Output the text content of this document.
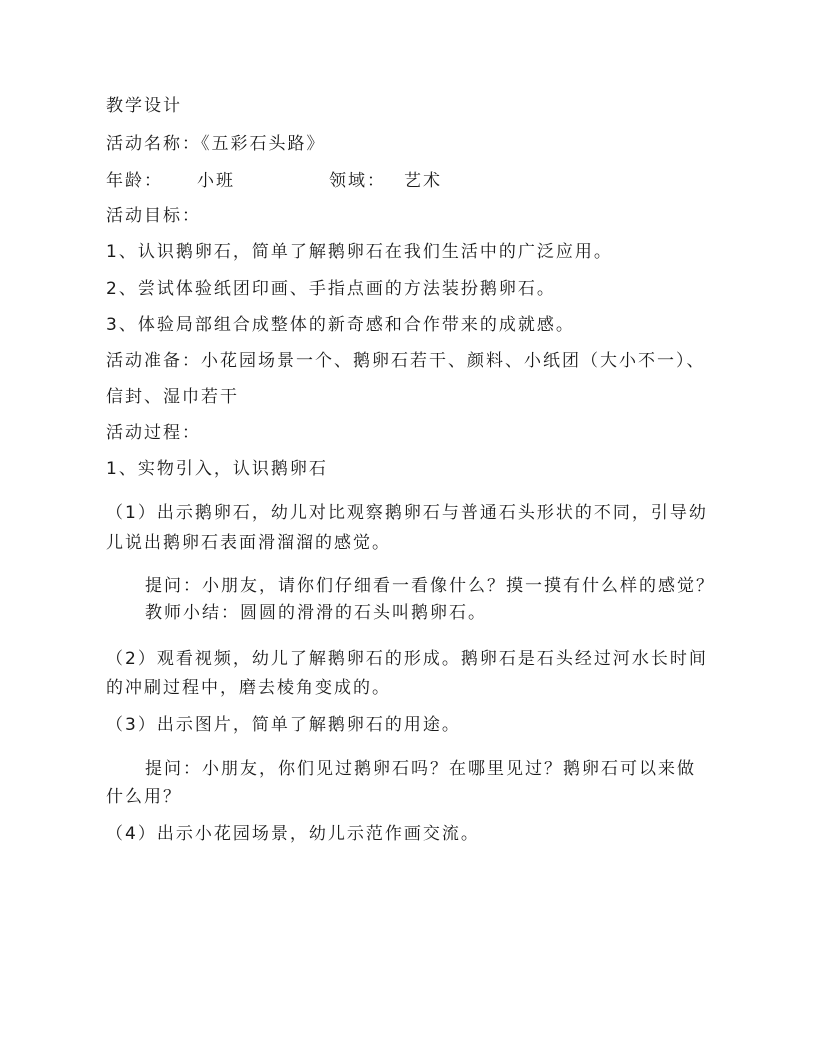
教学设计
活动名称：《五彩石头路》
年龄： 小班	领域： 艺术
活动目标：
1、认识鹅卵石，简单了解鹅卵石在我们生活中的广泛应用。
2、尝试体验纸团印画、手指点画的方法装扮鹅卵石。
3、体验局部组合成整体的新奇感和合作带来的成就感。
活动准备：小花园场景一个、鹅卵石若干、颜料、小纸团（大小不一）、
信封、湿巾若干
活动过程：
1、实物引入，认识鹅卵石
（1）出示鹅卵石，幼儿对比观察鹅卵石与普通石头形状的不同，引导幼
儿说出鹅卵石表面滑溜溜的感觉。
提问：小朋友，请你们仔细看一看像什么？摸一摸有什么样的感觉？
教师小结：圆圆的滑滑的石头叫鹅卵石。
（2）观看视频，幼儿了解鹅卵石的形成。鹅卵石是石头经过河水长时间
的冲刷过程中，磨去棱角变成的。
（3）出示图片，简单了解鹅卵石的用途。
提问：小朋友，你们见过鹅卵石吗？在哪里见过？鹅卵石可以来做
什么用？
（4）出示小花园场景，幼儿示范作画交流。
